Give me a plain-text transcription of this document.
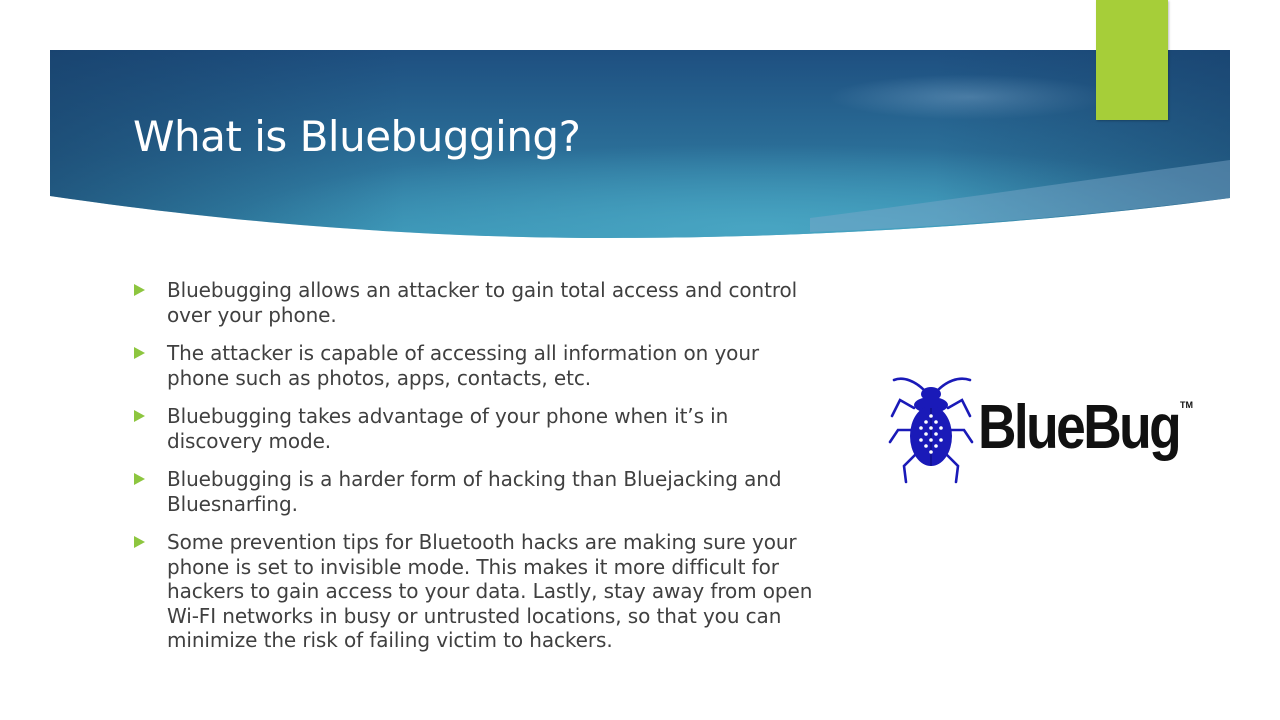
What is Bluebugging?
Bluebugging allows an attacker to gain total access and control over your phone.
The attacker is capable of accessing all information on your phone such as photos, apps, contacts, etc.
Bluebugging takes advantage of your phone when it’s in discovery mode.
Bluebugging is a harder form of hacking than Bluejacking and Bluesnarfing.
Some prevention tips for Bluetooth hacks are making sure your phone is set to invisible mode. This makes it more difficult for hackers to gain access to your data. Lastly, stay away from open Wi-FI networks in busy or untrusted locations, so that you can minimize the risk of failing victim to hackers.
BlueBug TM
